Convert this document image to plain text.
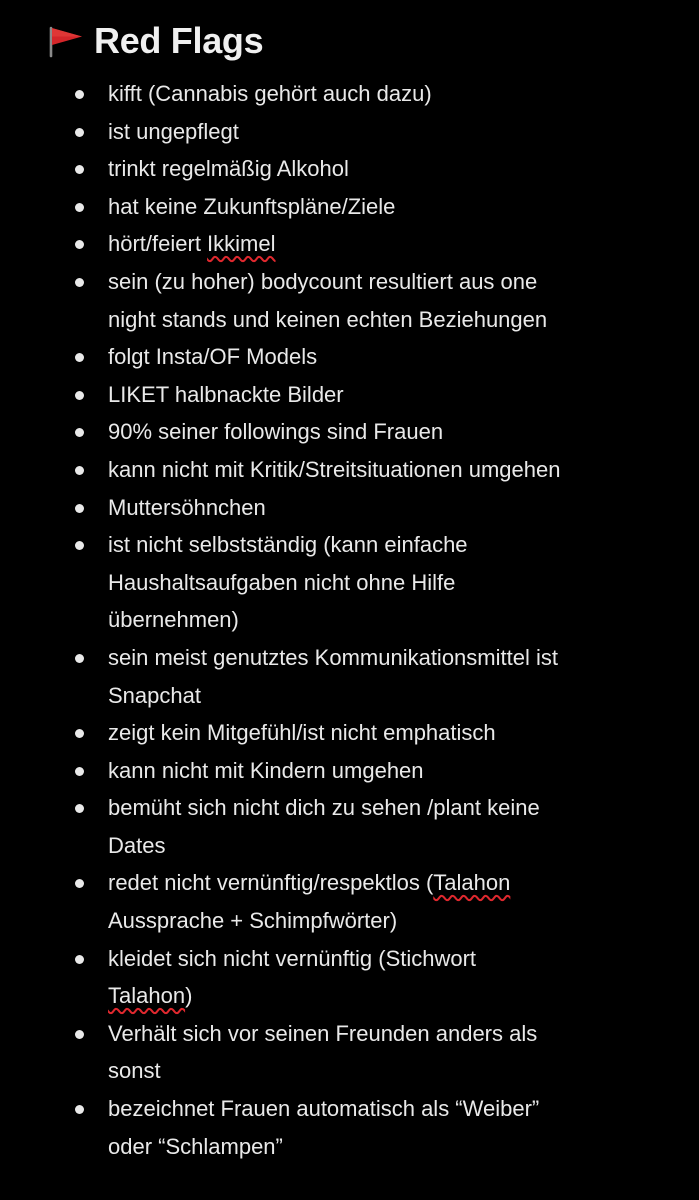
Red Flags
kifft (Cannabis gehört auch dazu)
ist ungepflegt
trinkt regelmäßig Alkohol
hat keine Zukunftspläne/Ziele
hört/feiert Ikkimel
sein (zu hoher) bodycount resultiert aus one
night stands und keinen echten Beziehungen
folgt Insta/OF Models
LIKET halbnackte Bilder
90% seiner followings sind Frauen
kann nicht mit Kritik/Streitsituationen umgehen
Muttersöhnchen
ist nicht selbstständig (kann einfache
Haushaltsaufgaben nicht ohne Hilfe
übernehmen)
sein meist genutztes Kommunikationsmittel ist
Snapchat
zeigt kein Mitgefühl/ist nicht emphatisch
kann nicht mit Kindern umgehen
bemüht sich nicht dich zu sehen /plant keine
Dates
redet nicht vernünftig/respektlos (Talahon
Aussprache + Schimpfwörter)
kleidet sich nicht vernünftig (Stichwort
Talahon)
Verhält sich vor seinen Freunden anders als
sonst
bezeichnet Frauen automatisch als “Weiber”
oder “Schlampen”
